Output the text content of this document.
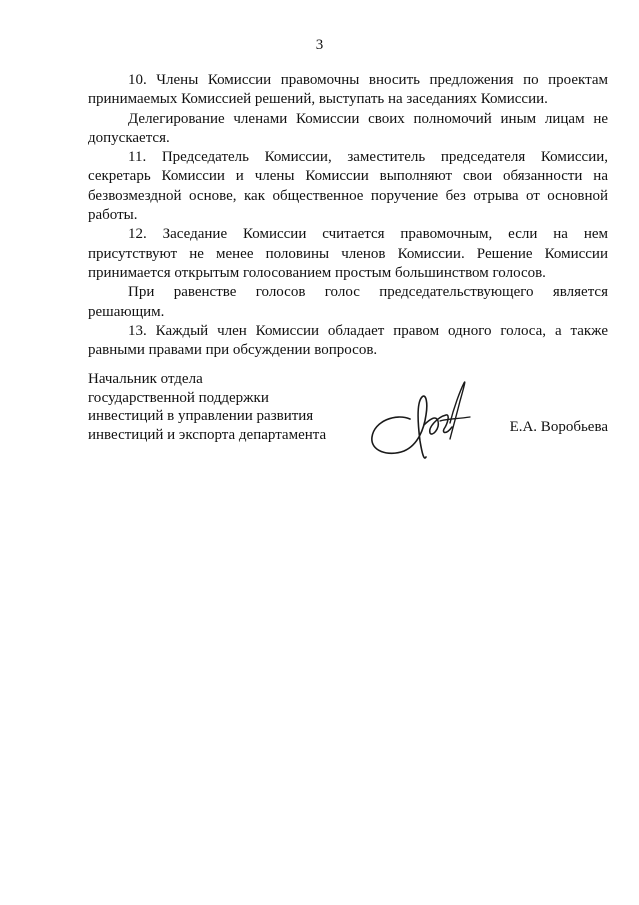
3

10. Члены Комиссии правомочны вносить предложения по проектам принимаемых Комиссией решений, выступать на заседаниях Комиссии.

Делегирование членами Комиссии своих полномочий иным лицам не допускается.

11. Председатель Комиссии, заместитель председателя Комиссии, секретарь Комиссии и члены Комиссии выполняют свои обязанности на безвозмездной основе, как общественное поручение без отрыва от основной работы.

12. Заседание Комиссии считается правомочным, если на нем присутствуют не менее половины членов Комиссии. Решение Комиссии принимается открытым голосованием простым большинством голосов.

При равенстве голосов голос председательствующего является решающим.

13. Каждый член Комиссии обладает правом одного голоса, а также равными правами при обсуждении вопросов.

Начальник отдела
государственной поддержки
инвестиций в управлении развития
инвестиций и экспорта департамента	Е.А. Воробьева
